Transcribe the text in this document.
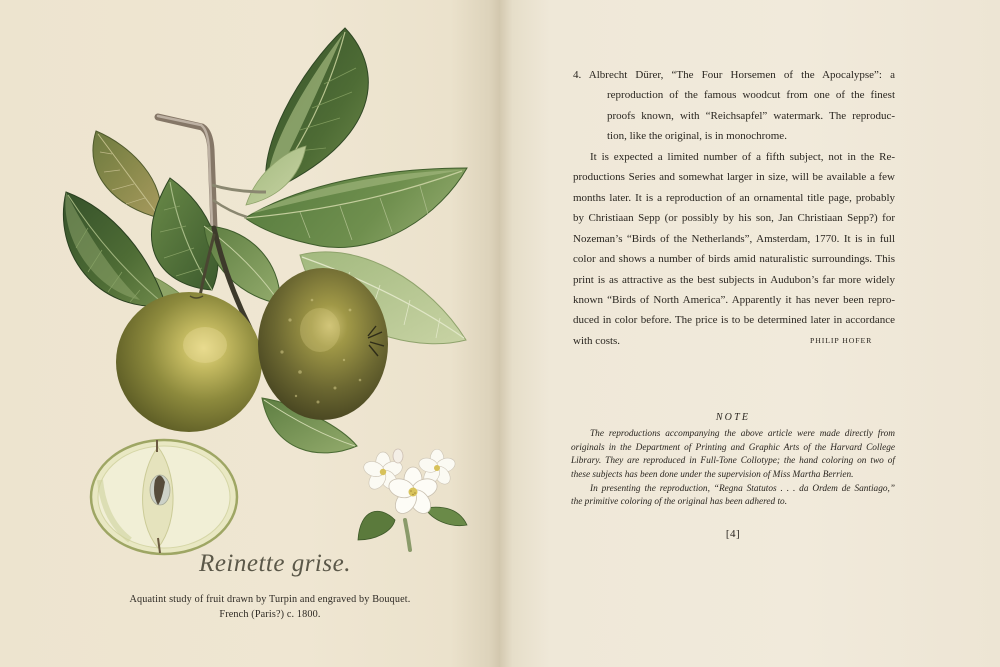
Reinette grise.
Aquatint study of fruit drawn by Turpin and engraved by Bouquet.
French (Paris?) c. 1800.
4. Albrecht Dürer, “The Four Horsemen of the Apocalypse”: a
reproduction of the famous woodcut from one of the finest
proofs known, with “Reichsapfel” watermark. The reproduc-
tion, like the original, is in monochrome.
It is expected a limited number of a fifth subject, not in the Re-
productions Series and somewhat larger in size, will be available a few
months later. It is a reproduction of an ornamental title page, probably
by Christiaan Sepp (or possibly by his son, Jan Christiaan Sepp?) for
Nozeman’s “Birds of the Netherlands”, Amsterdam, 1770. It is in full
color and shows a number of birds amid naturalistic surroundings. This
print is as attractive as the best subjects in Audubon’s far more widely
known “Birds of North America”. Apparently it has never been repro-
duced in color before. The price is to be determined later in accordance
with costs.	PHILIP HOFER
NOTE
The reproductions accompanying the above article were made directly from
originals in the Department of Printing and Graphic Arts of the Harvard College
Library. They are reproduced in Full-Tone Collotype; the hand coloring on two of
these subjects has been done under the supervision of Miss Martha Berrien.
In presenting the reproduction, “Regna Statutos . . . da Ordem de Santiago,”
the primitive coloring of the original has been adhered to.
[4]
